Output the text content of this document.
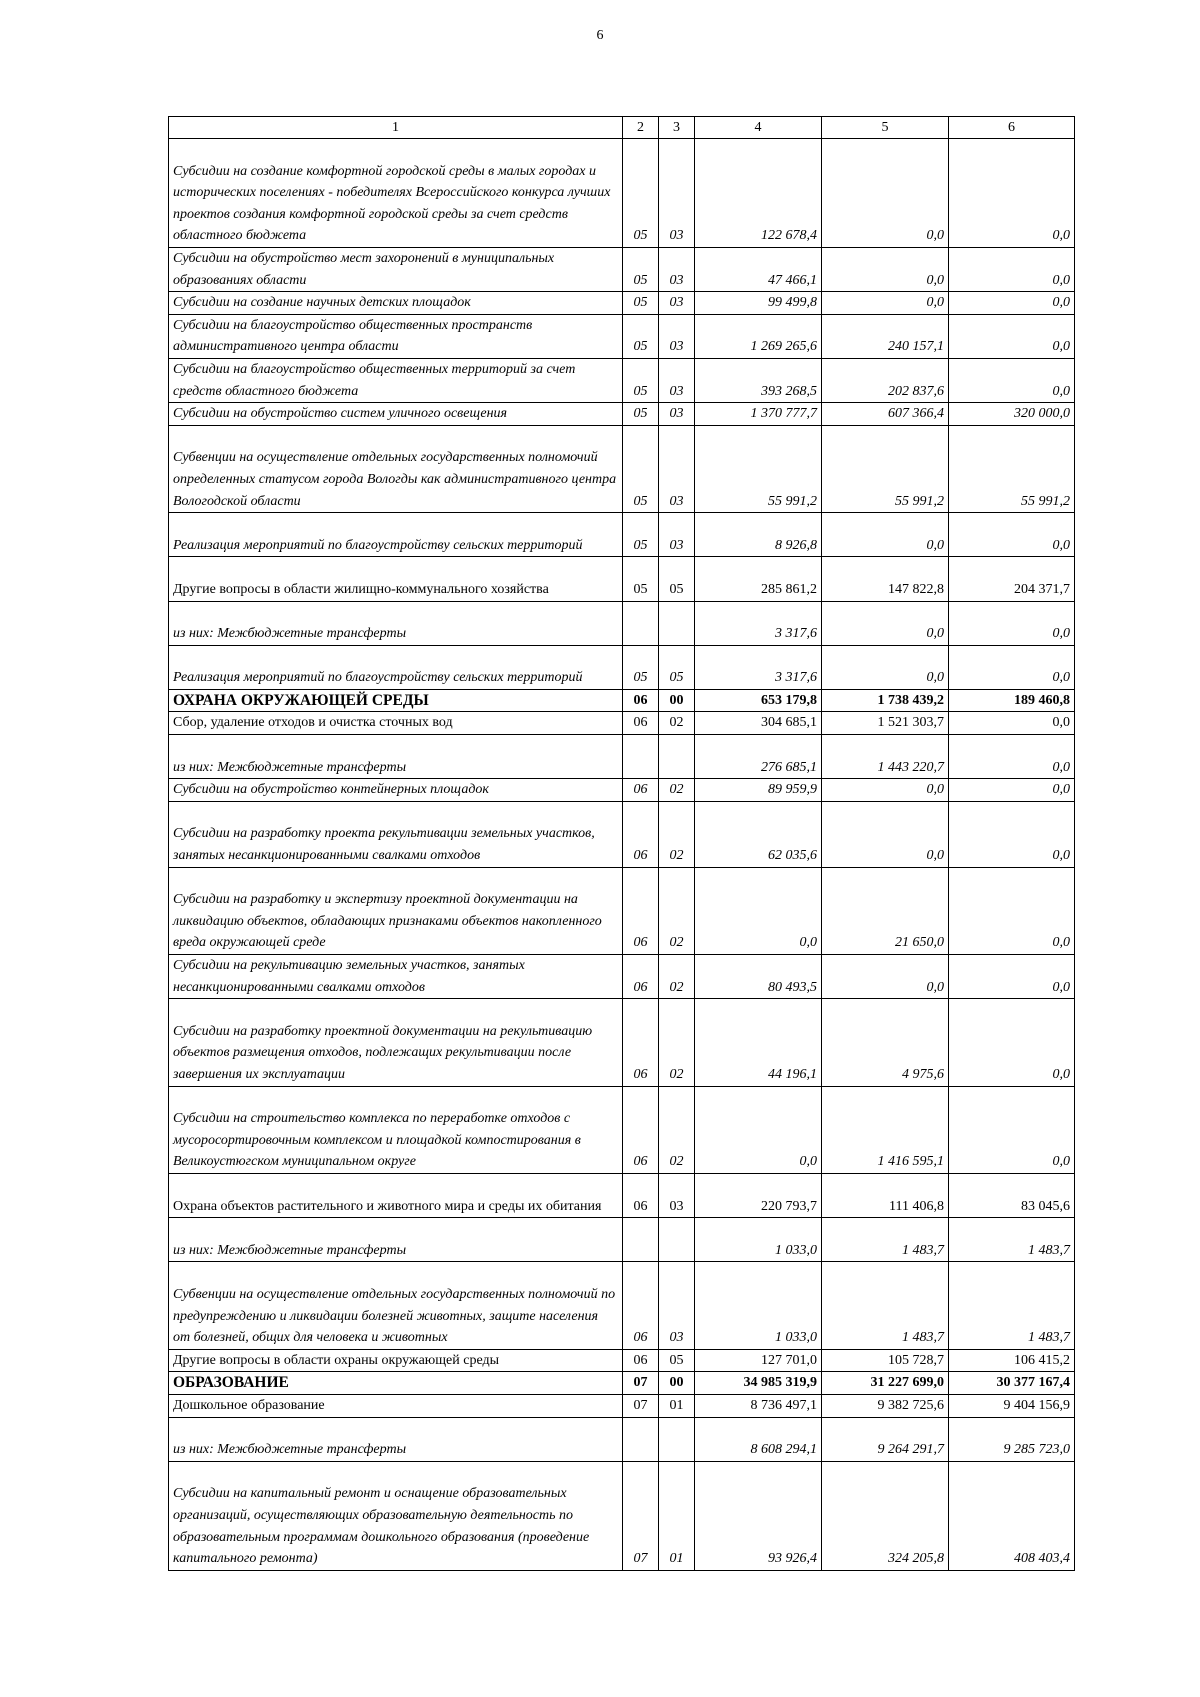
6
1	2	3	4	5	6
Субсидии на создание комфортной городской среды в малых городах и исторических поселениях - победителях Всероссийского конкурса лучших проектов создания комфортной городской среды за счет средств областного бюджета	05	03	122 678,4	0,0	0,0
Субсидии на обустройство мест захоронений в муниципальных образованиях области	05	03	47 466,1	0,0	0,0
Субсидии на создание научных детских площадок	05	03	99 499,8	0,0	0,0
Субсидии на благоустройство общественных пространств административного центра области	05	03	1 269 265,6	240 157,1	0,0
Субсидии на благоустройство общественных территорий за счет средств областного бюджета	05	03	393 268,5	202 837,6	0,0
Субсидии на обустройство систем уличного освещения	05	03	1 370 777,7	607 366,4	320 000,0
Субвенции на осуществление отдельных государственных полномочий определенных статусом города Вологды как административного центра Вологодской области	05	03	55 991,2	55 991,2	55 991,2
Реализация мероприятий по благоустройству сельских территорий	05	03	8 926,8	0,0	0,0
Другие вопросы в области жилищно-коммунального хозяйства	05	05	285 861,2	147 822,8	204 371,7
из них: Межбюджетные трансферты			3 317,6	0,0	0,0
Реализация мероприятий по благоустройству сельских территорий	05	05	3 317,6	0,0	0,0
ОХРАНА ОКРУЖАЮЩЕЙ СРЕДЫ	06	00	653 179,8	1 738 439,2	189 460,8
Сбор, удаление отходов и очистка сточных вод	06	02	304 685,1	1 521 303,7	0,0
из них: Межбюджетные трансферты			276 685,1	1 443 220,7	0,0
Субсидии на обустройство контейнерных площадок	06	02	89 959,9	0,0	0,0
Субсидии на разработку проекта рекультивации земельных участков, занятых несанкционированными свалками отходов	06	02	62 035,6	0,0	0,0
Субсидии на разработку и экспертизу проектной документации на ликвидацию объектов, обладающих признаками объектов накопленного вреда окружающей среде	06	02	0,0	21 650,0	0,0
Субсидии на рекультивацию земельных участков, занятых несанкционированными свалками отходов	06	02	80 493,5	0,0	0,0
Субсидии на разработку проектной документации на рекультивацию объектов размещения отходов, подлежащих рекультивации после завершения их эксплуатации	06	02	44 196,1	4 975,6	0,0
Субсидии на строительство комплекса по переработке отходов с мусоросортировочным комплексом и площадкой компостирования в Великоустюгском муниципальном округе	06	02	0,0	1 416 595,1	0,0
Охрана объектов растительного и животного мира и среды их обитания	06	03	220 793,7	111 406,8	83 045,6
из них: Межбюджетные трансферты			1 033,0	1 483,7	1 483,7
Субвенции на осуществление отдельных государственных полномочий по предупреждению и ликвидации болезней животных, защите населения от болезней, общих для человека и животных	06	03	1 033,0	1 483,7	1 483,7
Другие вопросы в области охраны окружающей среды	06	05	127 701,0	105 728,7	106 415,2
ОБРАЗОВАНИЕ	07	00	34 985 319,9	31 227 699,0	30 377 167,4
Дошкольное образование	07	01	8 736 497,1	9 382 725,6	9 404 156,9
из них: Межбюджетные трансферты			8 608 294,1	9 264 291,7	9 285 723,0
Субсидии на капитальный ремонт и оснащение образовательных организаций, осуществляющих образовательную деятельность по образовательным программам дошкольного образования (проведение капитального ремонта)	07	01	93 926,4	324 205,8	408 403,4
